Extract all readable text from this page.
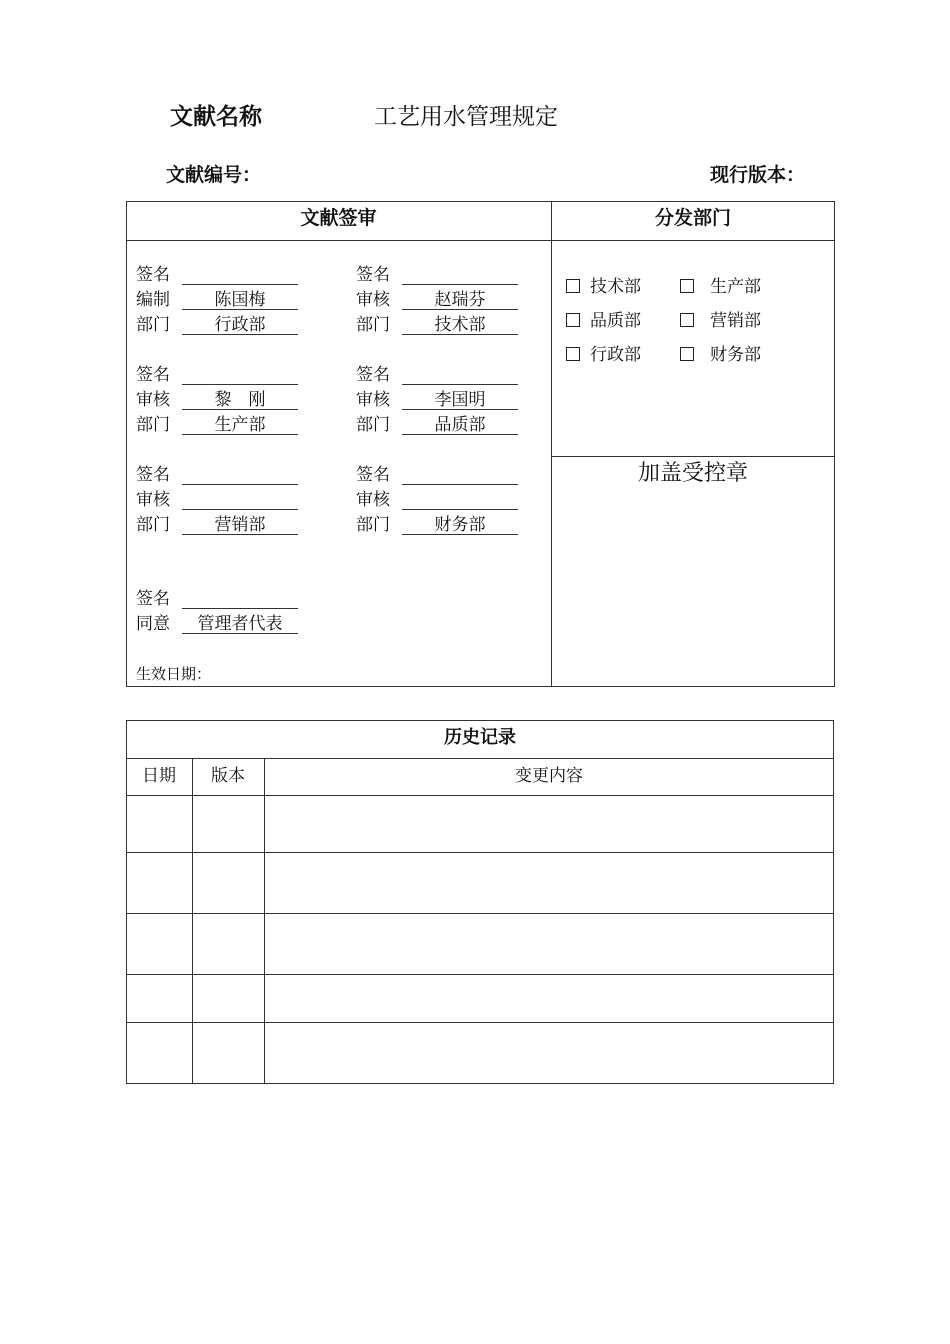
文献名称	工艺用水管理规定
文献编号：	现行版本：
文献签审	分发部门
签名
编制	陈国梅
部门	行政部
签名
审核	赵瑞芬
部门	技术部
签名
审核	黎　刚
部门	生产部
签名
审核	李国明
部门	品质部
签名
审核
部门	营销部
签名
审核
部门	财务部
签名
同意	管理者代表
生效日期：
技术部	生产部
品质部	营销部
行政部	财务部
加盖受控章
历史记录
日期	版本	变更内容
